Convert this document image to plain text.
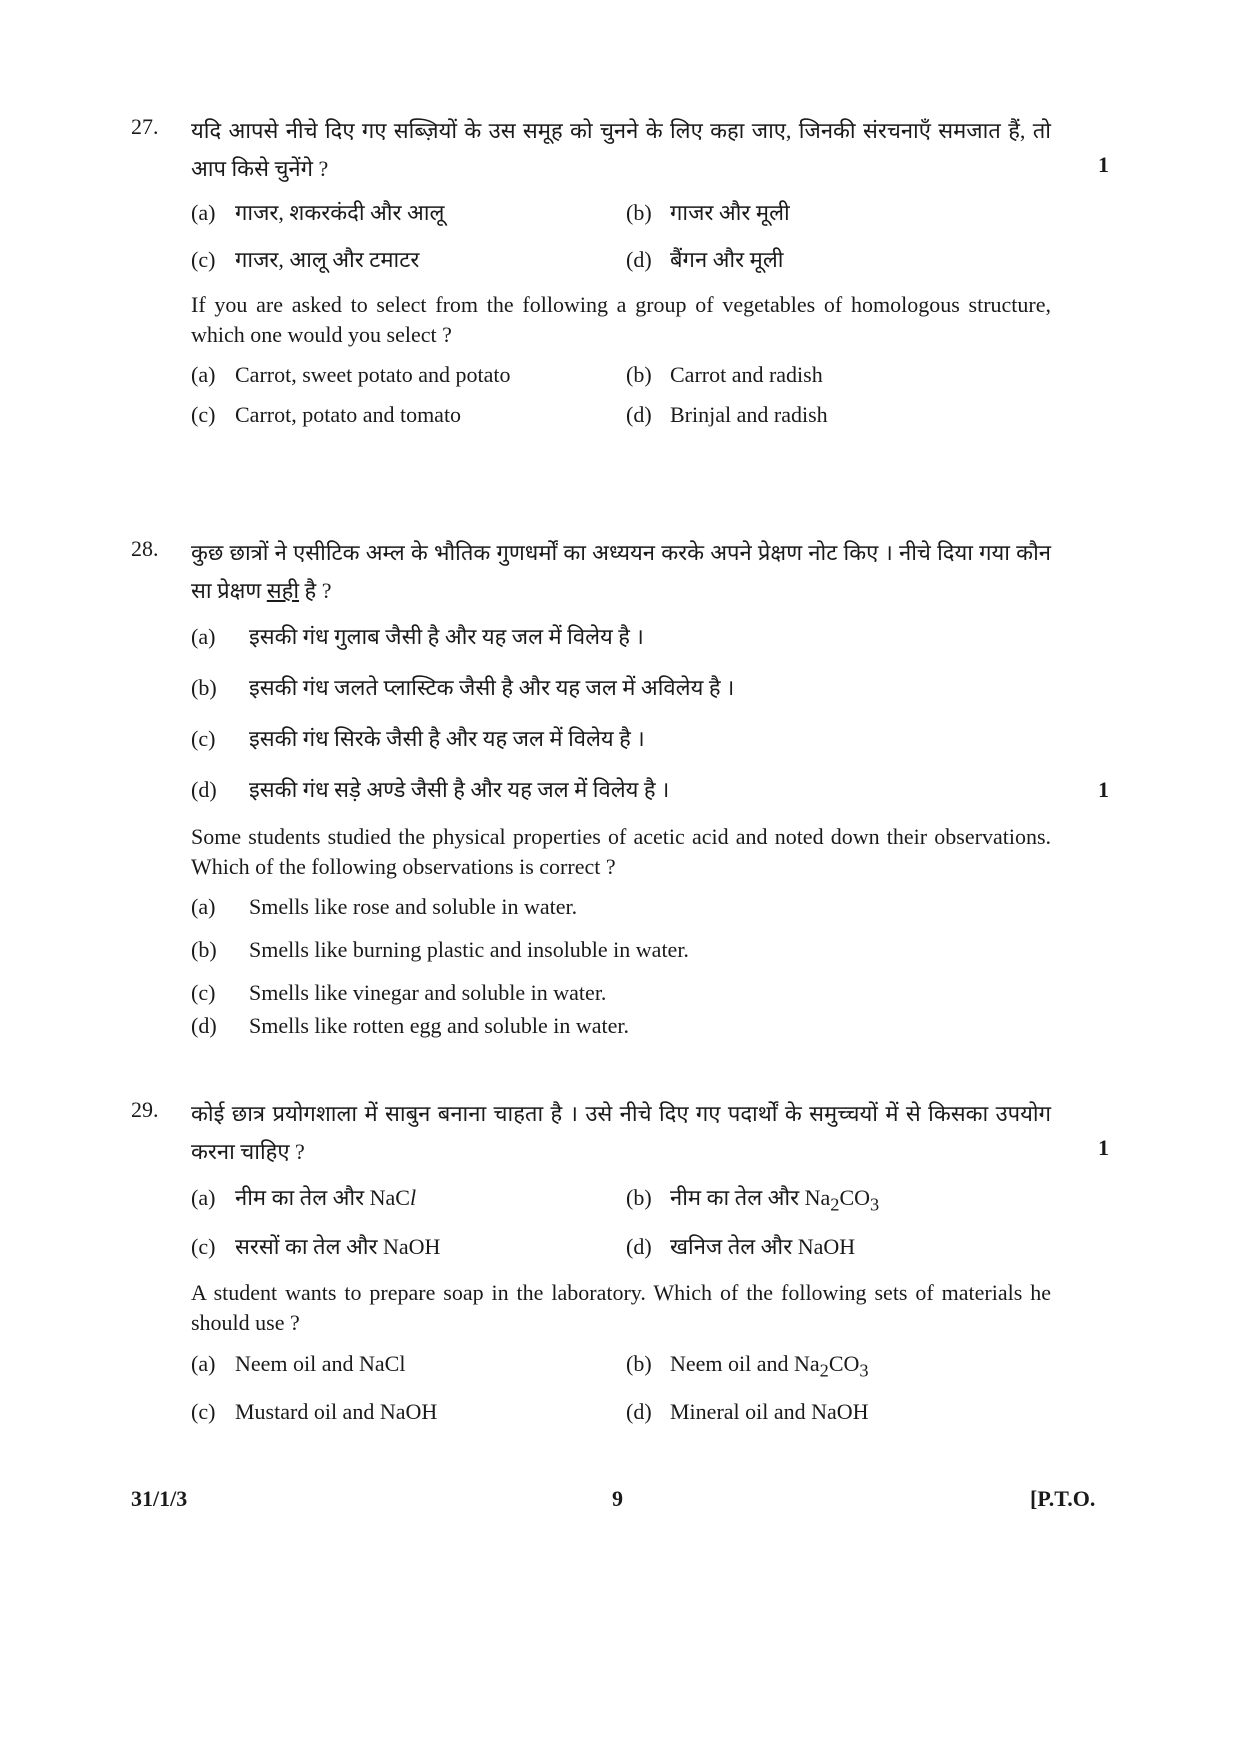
27.	यदि आपसे नीचे दिए गए सब्ज़ियों के उस समूह को चुनने के लिए कहा जाए, जिनकी संरचनाएँ समजात हैं, तो आप किसे चुनेंगे ?	1
(a) गाजर, शकरकंदी और आलू	(b) गाजर और मूली
(c) गाजर, आलू और टमाटर	(d) बैंगन और मूली
If you are asked to select from the following a group of vegetables of homologous structure, which one would you select ?
(a) Carrot, sweet potato and potato	(b) Carrot and radish
(c) Carrot, potato and tomato	(d) Brinjal and radish
28.	कुछ छात्रों ने एसीटिक अम्ल के भौतिक गुणधर्मों का अध्ययन करके अपने प्रेक्षण नोट किए । नीचे दिया गया कौन सा प्रेक्षण सही है ?
(a) इसकी गंध गुलाब जैसी है और यह जल में विलेय है ।
(b) इसकी गंध जलते प्लास्टिक जैसी है और यह जल में अविलेय है ।
(c) इसकी गंध सिरके जैसी है और यह जल में विलेय है ।
(d) इसकी गंध सड़े अण्डे जैसी है और यह जल में विलेय है ।	1
Some students studied the physical properties of acetic acid and noted down their observations. Which of the following observations is correct ?
(a) Smells like rose and soluble in water.
(b) Smells like burning plastic and insoluble in water.
(c) Smells like vinegar and soluble in water.
(d) Smells like rotten egg and soluble in water.
29.	कोई छात्र प्रयोगशाला में साबुन बनाना चाहता है । उसे नीचे दिए गए पदार्थों के समुच्चयों में से किसका उपयोग करना चाहिए ?	1
(a) नीम का तेल और NaCl	(b) नीम का तेल और $Na_2CO_3$
(c) सरसों का तेल और NaOH	(d) खनिज तेल और NaOH
A student wants to prepare soap in the laboratory. Which of the following sets of materials he should use ?
(a) Neem oil and NaCl	(b) Neem oil and $Na_2CO_3$
(c) Mustard oil and NaOH	(d) Mineral oil and NaOH
31/1/3	9	[P.T.O.
